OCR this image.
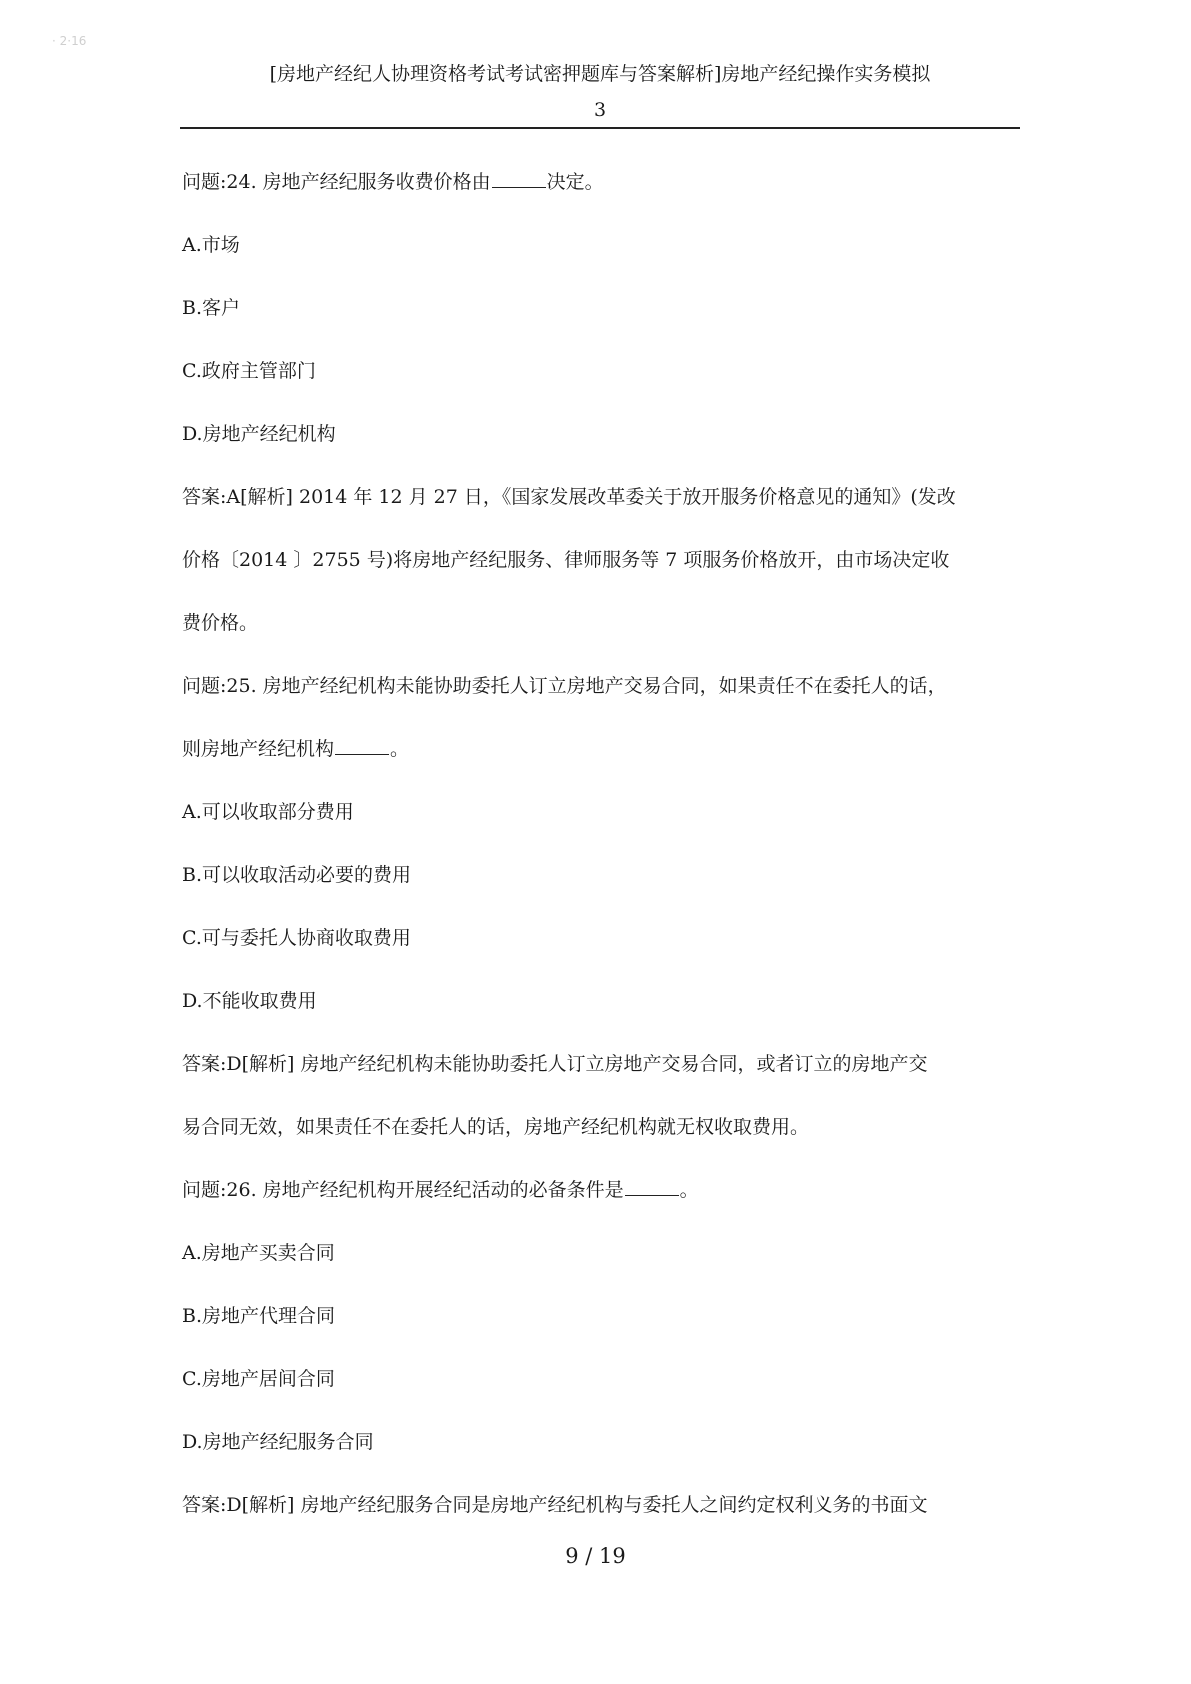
· 2·16
[房地产经纪人协理资格考试考试密押题库与答案解析]房地产经纪操作实务模拟
3
问题:24. 房地产经纪服务收费价格由	决定。
A.市场
B.客户
C.政府主管部门
D.房地产经纪机构
答案:A[解析] 2014 年 12 月 27 日，《国家发展改革委关于放开服务价格意见的通知》(发改
价格〔2014 〕2755 号)将房地产经纪服务、律师服务等 7 项服务价格放开，由市场决定收
费价格。
问题:25. 房地产经纪机构未能协助委托人订立房地产交易合同，如果责任不在委托人的话，
则房地产经纪机构	。
A.可以收取部分费用
B.可以收取活动必要的费用
C.可与委托人协商收取费用
D.不能收取费用
答案:D[解析] 房地产经纪机构未能协助委托人订立房地产交易合同，或者订立的房地产交
易合同无效，如果责任不在委托人的话，房地产经纪机构就无权收取费用。
问题:26. 房地产经纪机构开展经纪活动的必备条件是	。
A.房地产买卖合同
B.房地产代理合同
C.房地产居间合同
D.房地产经纪服务合同
答案:D[解析] 房地产经纪服务合同是房地产经纪机构与委托人之间约定权利义务的书面文
9 / 19
